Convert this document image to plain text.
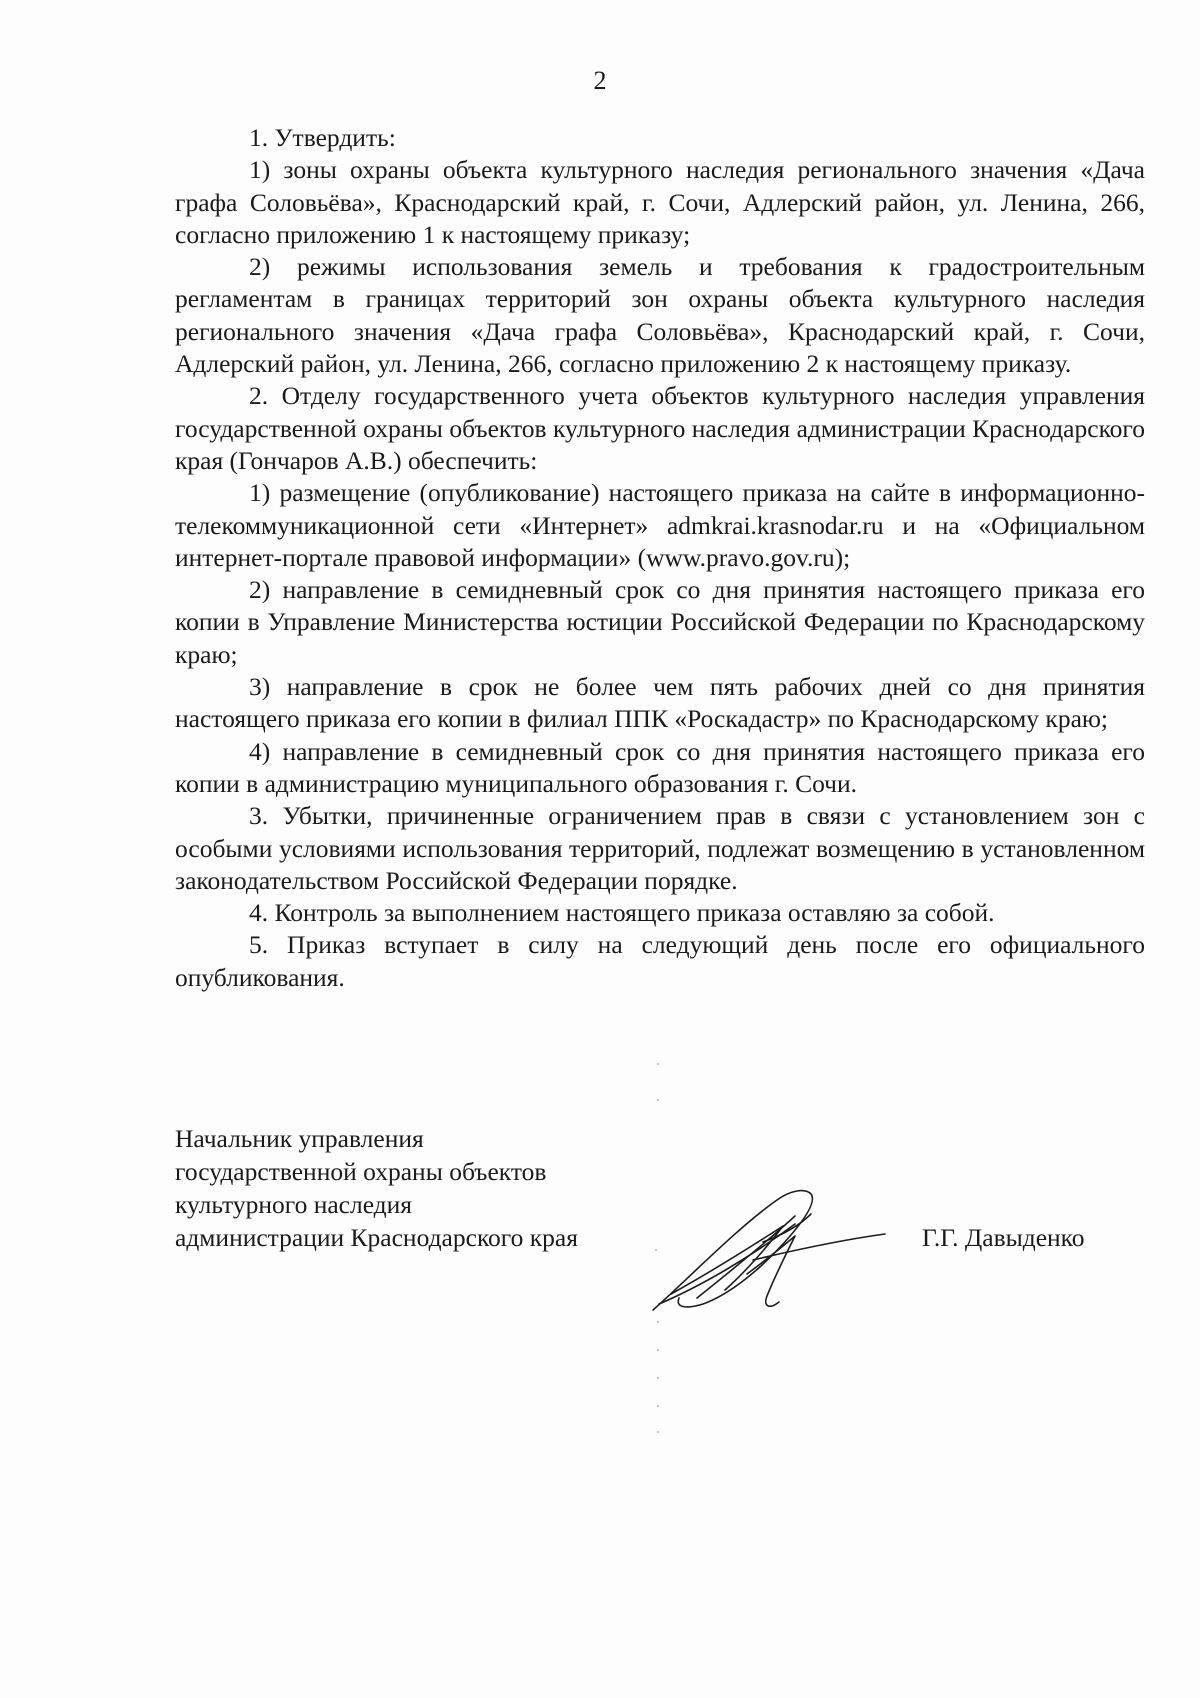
2

1. Утвердить:

1) зоны охраны объекта культурного наследия регионального значения «Дача графа Соловьёва», Краснодарский край, г. Сочи, Адлерский район, ул. Ленина, 266, согласно приложению 1 к настоящему приказу;

2) режимы использования земель и требования к градостроительным регламентам в границах территорий зон охраны объекта культурного наследия регионального значения «Дача графа Соловьёва», Краснодарский край, г. Сочи, Адлерский район, ул. Ленина, 266, согласно приложению 2 к настоящему приказу.

2. Отделу государственного учета объектов культурного наследия управления государственной охраны объектов культурного наследия администрации Краснодарского края (Гончаров А.В.) обеспечить:

1) размещение (опубликование) настоящего приказа на сайте в информационно-телекоммуникационной сети «Интернет» admkrai.krasnodar.ru и на «Официальном интернет-портале правовой информации» (www.pravo.gov.ru);

2) направление в семидневный срок со дня принятия настоящего приказа его копии в Управление Министерства юстиции Российской Федерации по Краснодарскому краю;

3) направление в срок не более чем пять рабочих дней со дня принятия настоящего приказа его копии в филиал ППК «Роскадастр» по Краснодарскому краю;

4) направление в семидневный срок со дня принятия настоящего приказа его копии в администрацию муниципального образования г. Сочи.

3. Убытки, причиненные ограничением прав в связи с установлением зон с особыми условиями использования территорий, подлежат возмещению в установленном законодательством Российской Федерации порядке.

4. Контроль за выполнением настоящего приказа оставляю за собой.

5. Приказ вступает в силу на следующий день после его официального опубликования.

Начальник управления
государственной охраны объектов
культурного наследия
администрации Краснодарского края	Г.Г. Давыденко
